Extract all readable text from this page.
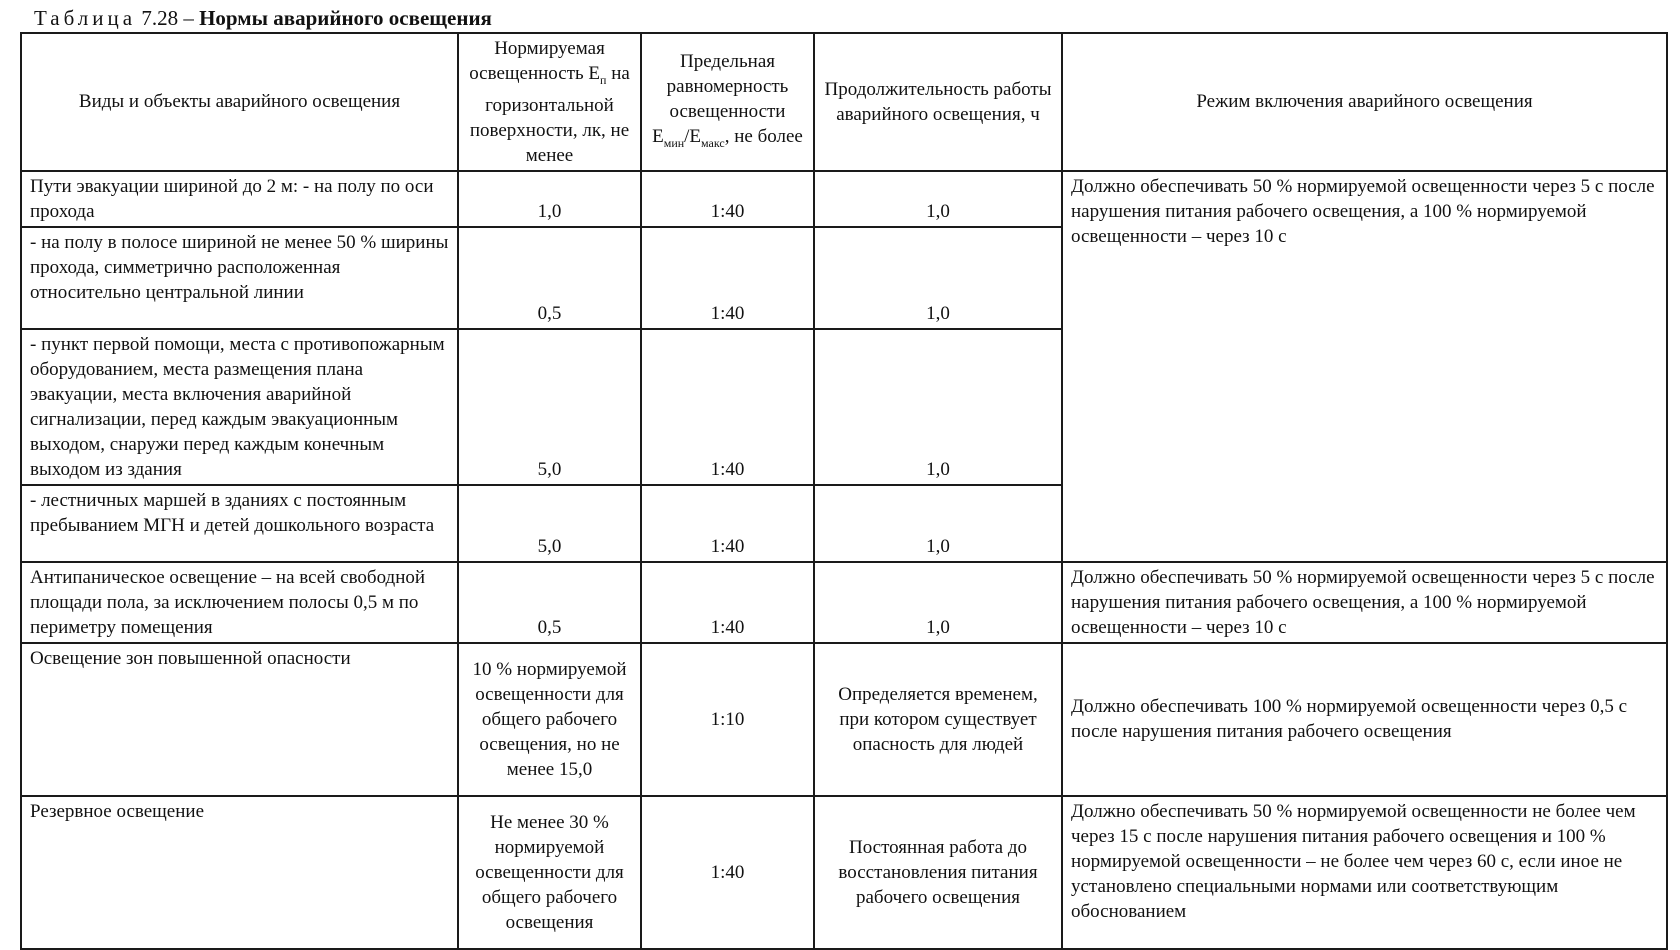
Таблица 7.28 – Нормы аварийного освещения
Виды и объекты аварийного освещения	Нормируемая освещенность $E_п$ на горизонтальной поверхности, лк, не менее	Предельная равномерность освещенности $E_{мин}/E_{макс}$, не более	Продолжительность работы аварийного освещения, ч	Режим включения аварийного освещения
Пути эвакуации шириной до 2 м: - на полу по оси прохода	1,0	1:40	1,0	Должно обеспечивать 50 % нормируемой освещенности через 5 с после нарушения питания рабочего освещения, а 100 % нормируемой освещенности – через 10 с
- на полу в полосе шириной не менее 50 % ширины прохода, симметрично расположенная относительно центральной линии	0,5	1:40	1,0	
- пункт первой помощи, места с противопожарным оборудованием, места размещения плана эвакуации, места включения аварийной сигнализации, перед каждым эвакуационным выходом, снаружи перед каждым конечным выходом из здания	5,0	1:40	1,0	
- лестничных маршей в зданиях с постоянным пребыванием МГН и детей дошкольного возраста	5,0	1:40	1,0	
Антипаническое освещение – на всей свободной площади пола, за исключением полосы 0,5 м по периметру помещения	0,5	1:40	1,0	Должно обеспечивать 50 % нормируемой освещенности через 5 с после нарушения питания рабочего освещения, а 100 % нормируемой освещенности – через 10 с
Освещение зон повышенной опасности	10 % нормируемой освещенности для общего рабочего освещения, но не менее 15,0	1:10	Определяется временем, при котором существует опасность для людей	Должно обеспечивать 100 % нормируемой освещенности через 0,5 с после нарушения питания рабочего освещения
Резервное освещение	Не менее 30 % нормируемой освещенности для общего рабочего освещения	1:40	Постоянная работа до восстановления питания рабочего освещения	Должно обеспечивать 50 % нормируемой освещенности не более чем через 15 с после нарушения питания рабочего освещения и 100 % нормируемой освещенности – не более чем через 60 с, если иное не установлено специальными нормами или соответствующим обоснованием
